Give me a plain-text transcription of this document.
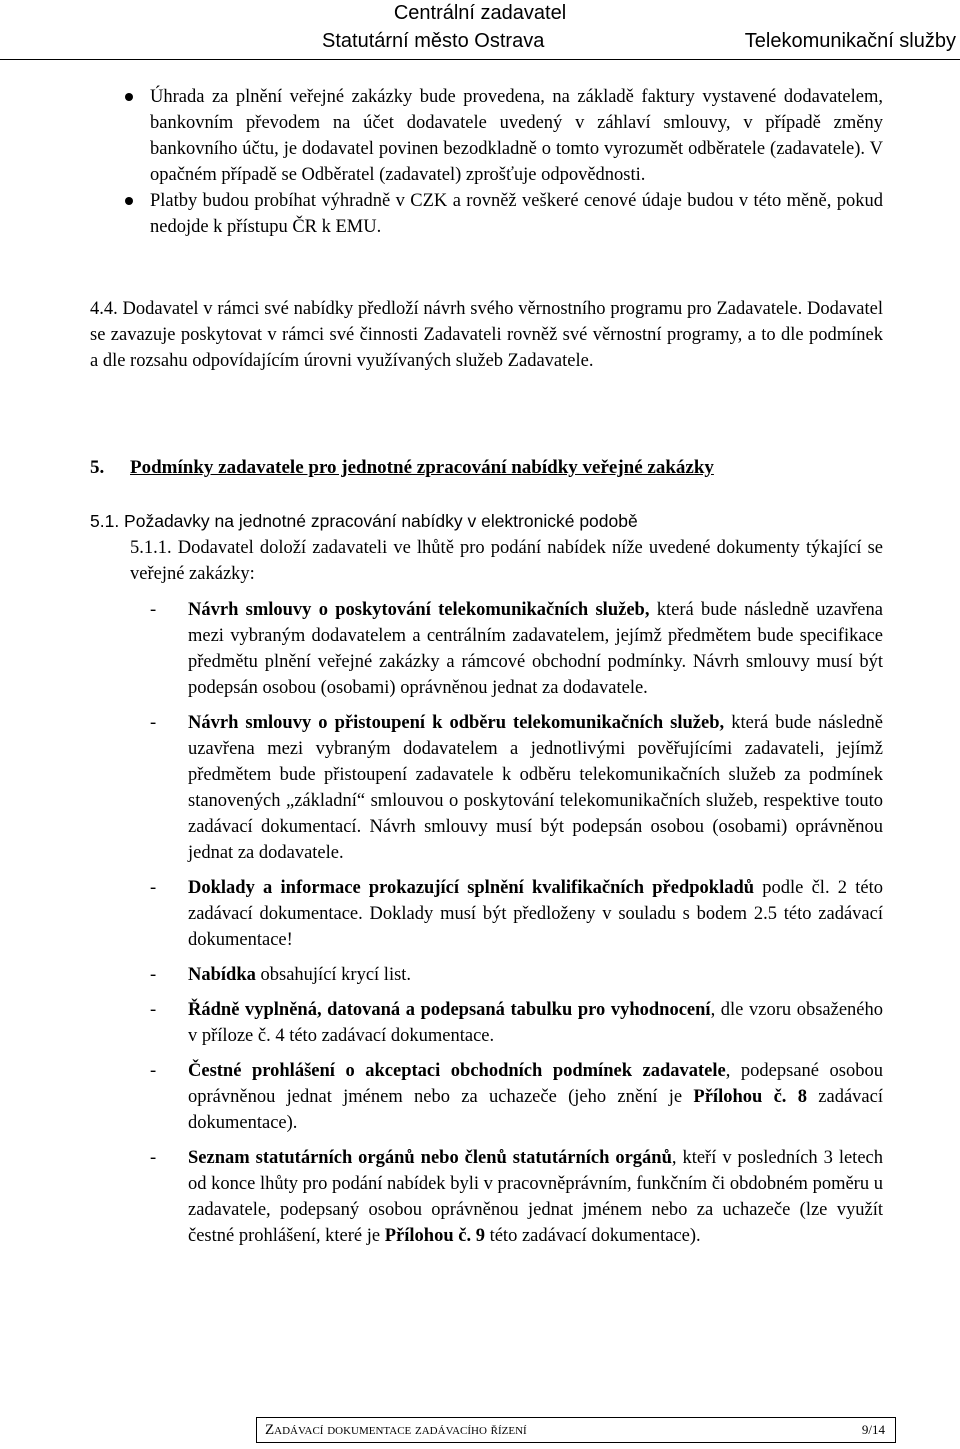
Centrální zadavatel
Statutární město Ostrava	Telekomunikační služby
Úhrada za plnění veřejné zakázky bude provedena, na základě faktury vystavené dodavatelem, bankovním převodem na účet dodavatele uvedený v záhlaví smlouvy, v případě změny bankovního účtu, je dodavatel povinen bezodkladně o tomto vyrozumět odběratele (zadavatele). V opačném případě se Odběratel (zadavatel) zprošťuje odpovědnosti.
Platby budou probíhat výhradně v CZK a rovněž veškeré cenové údaje budou v této měně, pokud nedojde k přístupu ČR k EMU.
4.4. Dodavatel v rámci své nabídky předloží návrh svého věrnostního programu pro Zadavatele. Dodavatel se zavazuje poskytovat v rámci své činnosti Zadavateli rovněž své věrnostní programy, a to dle podmínek a dle rozsahu odpovídajícím úrovni využívaných služeb Zadavatele.
5. Podmínky zadavatele pro jednotné zpracování nabídky veřejné zakázky
5.1. Požadavky na jednotné zpracování nabídky v elektronické podobě
5.1.1. Dodavatel doloží zadavateli ve lhůtě pro podání nabídek níže uvedené dokumenty týkající se veřejné zakázky:
- Návrh smlouvy o poskytování telekomunikačních služeb, která bude následně uzavřena mezi vybraným dodavatelem a centrálním zadavatelem, jejímž předmětem bude specifikace předmětu plnění veřejné zakázky a rámcové obchodní podmínky. Návrh smlouvy musí být podepsán osobou (osobami) oprávněnou jednat za dodavatele.
- Návrh smlouvy o přistoupení k odběru telekomunikačních služeb, která bude následně uzavřena mezi vybraným dodavatelem a jednotlivými pověřujícími zadavateli, jejímž předmětem bude přistoupení zadavatele k odběru telekomunikačních služeb za podmínek stanovených „základní“ smlouvou o poskytování telekomunikačních služeb, respektive touto zadávací dokumentací. Návrh smlouvy musí být podepsán osobou (osobami) oprávněnou jednat za dodavatele.
- Doklady a informace prokazující splnění kvalifikačních předpokladů podle čl. 2 této zadávací dokumentace. Doklady musí být předloženy v souladu s bodem 2.5 této zadávací dokumentace!
- Nabídka obsahující krycí list.
- Řádně vyplněná, datovaná a podepsaná tabulku pro vyhodnocení, dle vzoru obsaženého v příloze č. 4 této zadávací dokumentace.
- Čestné prohlášení o akceptaci obchodních podmínek zadavatele, podepsané osobou oprávněnou jednat jménem nebo za uchazeče (jeho znění je Přílohou č. 8 zadávací dokumentace).
- Seznam statutárních orgánů nebo členů statutárních orgánů, kteří v posledních 3 letech od konce lhůty pro podání nabídek byli v pracovněprávním, funkčním či obdobném poměru u zadavatele, podepsaný osobou oprávněnou jednat jménem nebo za uchazeče (lze využít čestné prohlášení, které je Přílohou č. 9 této zadávací dokumentace).
Zadávací dokumentace zadávacího řízení	9/14
